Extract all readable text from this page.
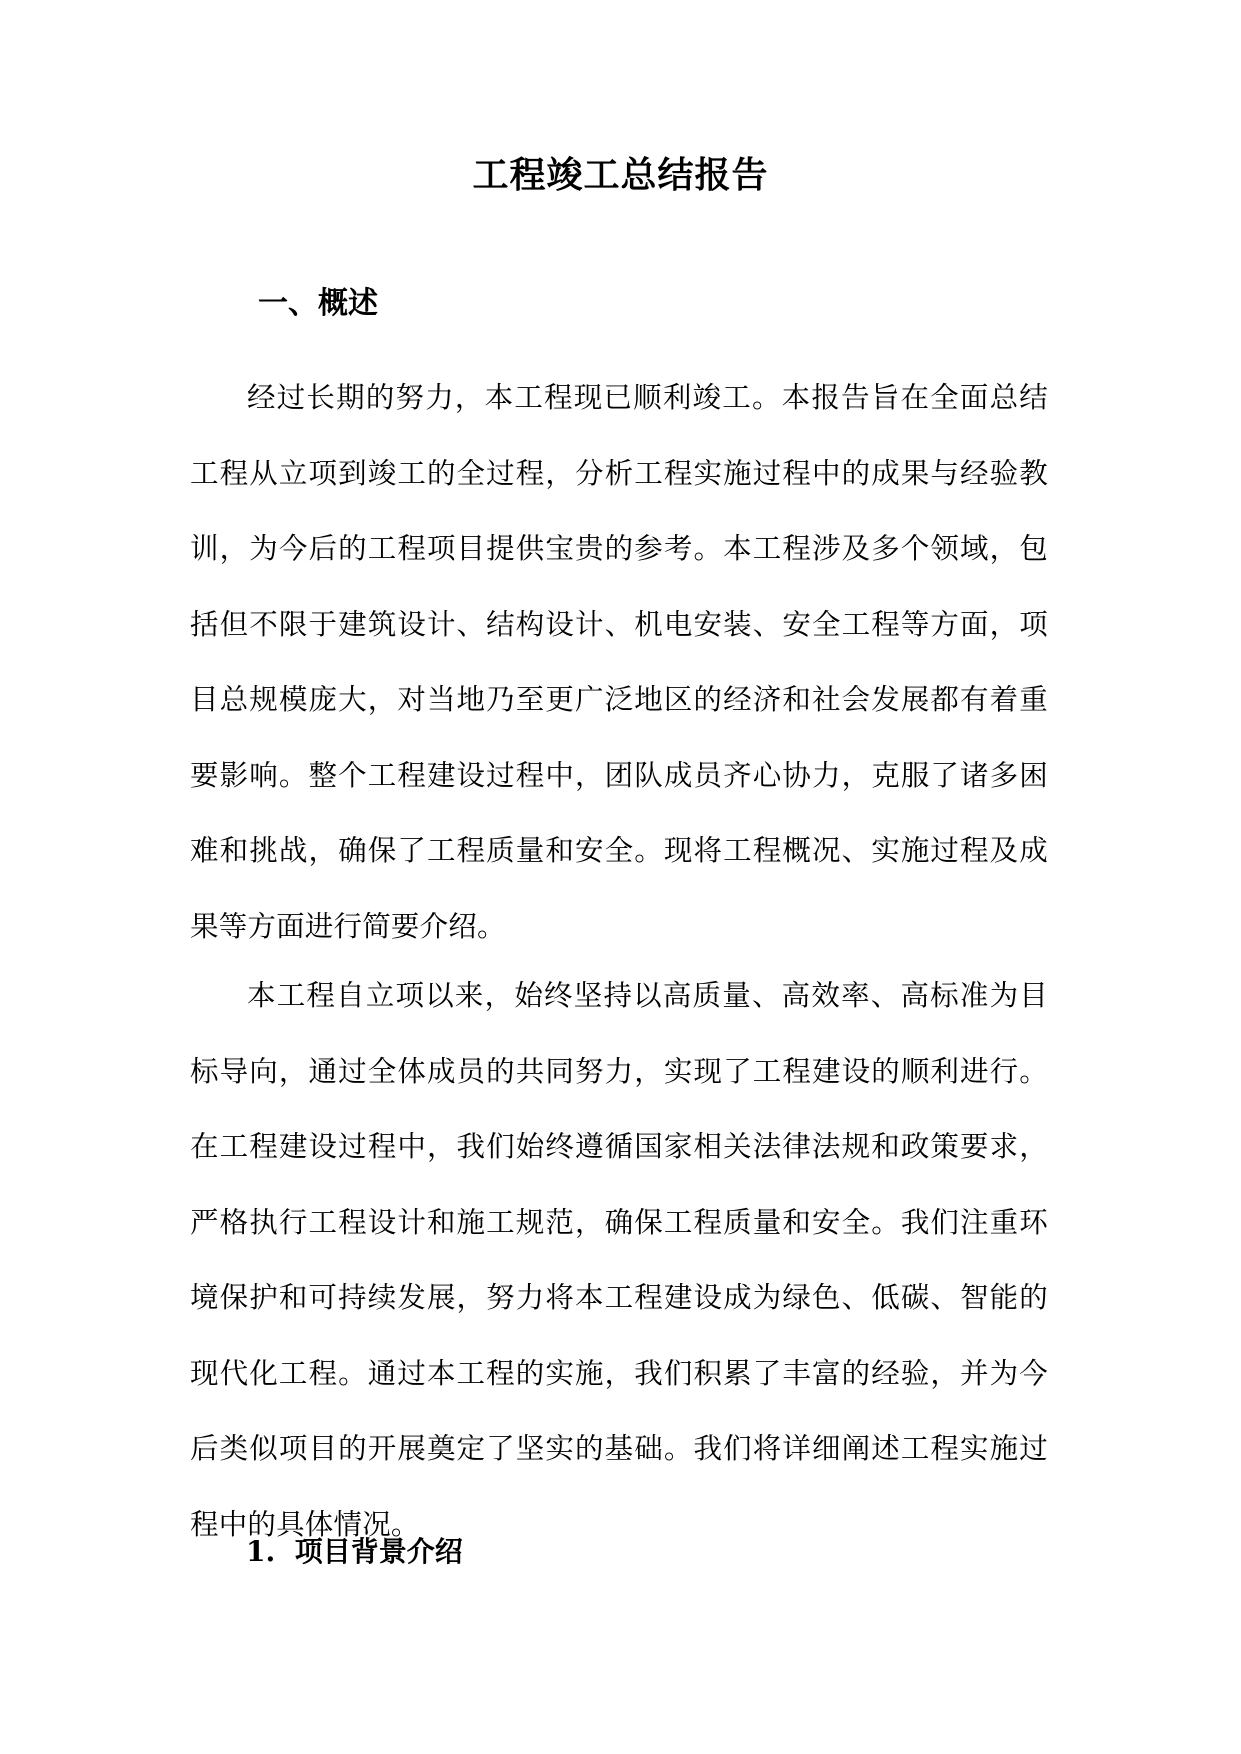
工程竣工总结报告
一、概述

经过长期的努力，本工程现已顺利竣工。本报告旨在全面总结工程从立项到竣工的全过程，分析工程实施过程中的成果与经验教训，为今后的工程项目提供宝贵的参考。本工程涉及多个领域，包括但不限于建筑设计、结构设计、机电安装、安全工程等方面，项目总规模庞大，对当地乃至更广泛地区的经济和社会发展都有着重要影响。整个工程建设过程中，团队成员齐心协力，克服了诸多困难和挑战，确保了工程质量和安全。现将工程概况、实施过程及成果等方面进行简要介绍。

本工程自立项以来，始终坚持以高质量、高效率、高标准为目标导向，通过全体成员的共同努力，实现了工程建设的顺利进行。在工程建设过程中，我们始终遵循国家相关法律法规和政策要求，严格执行工程设计和施工规范，确保工程质量和安全。我们注重环境保护和可持续发展，努力将本工程建设成为绿色、低碳、智能的现代化工程。通过本工程的实施，我们积累了丰富的经验，并为今后类似项目的开展奠定了坚实的基础。我们将详细阐述工程实施过程中的具体情况。

1.  项目背景介绍
